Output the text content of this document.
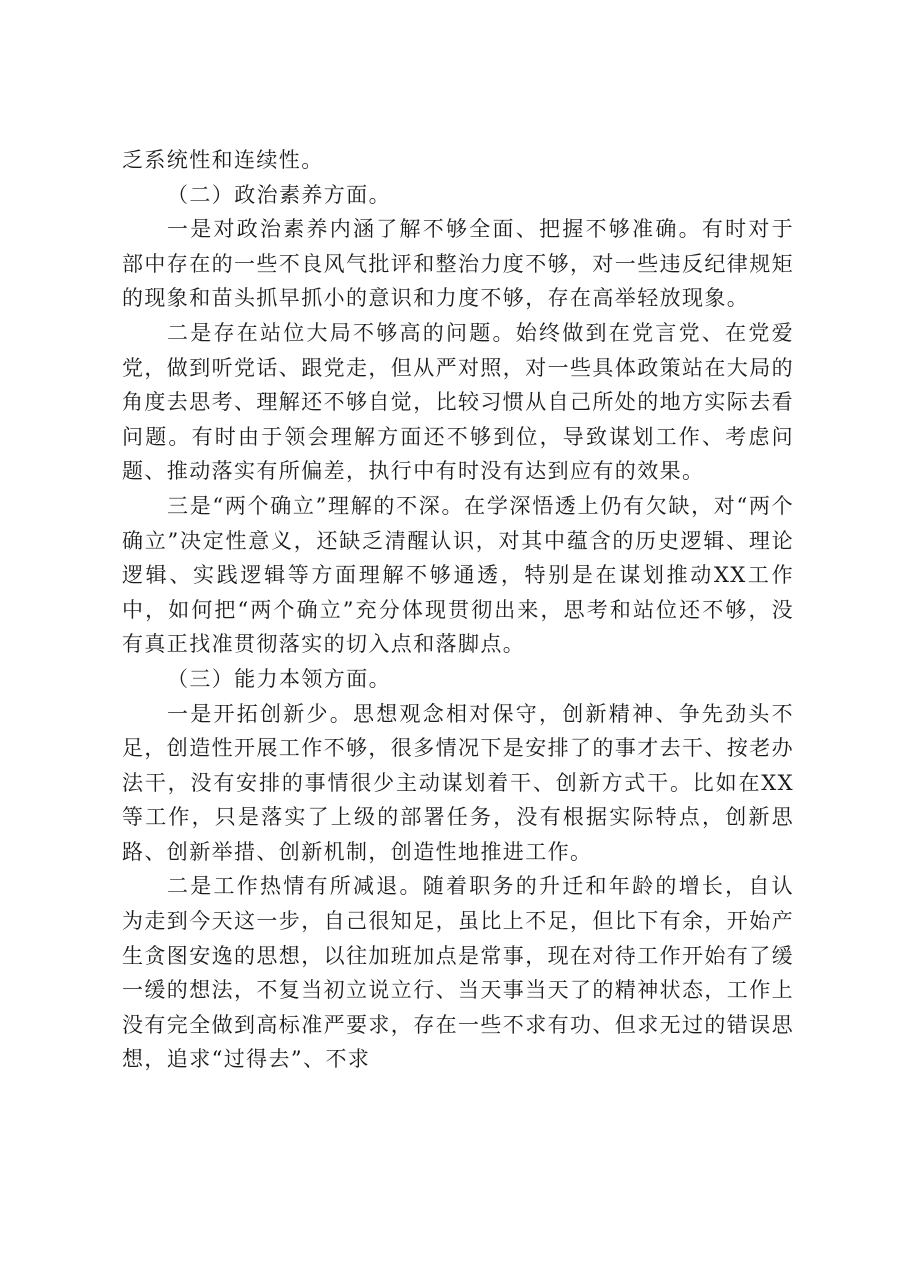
乏系统性和连续性。

（二）政治素养方面。

一是对政治素养内涵了解不够全面、把握不够准确。有时对于部中存在的一些不良风气批评和整治力度不够，对一些违反纪律规矩的现象和苗头抓早抓小的意识和力度不够，存在高举轻放现象。

二是存在站位大局不够高的问题。始终做到在党言党、在党爱党，做到听党话、跟党走，但从严对照，对一些具体政策站在大局的角度去思考、理解还不够自觉，比较习惯从自己所处的地方实际去看问题。有时由于领会理解方面还不够到位，导致谋划工作、考虑问题、推动落实有所偏差，执行中有时没有达到应有的效果。

三是“两个确立”理解的不深。在学深悟透上仍有欠缺，对“两个确立”决定性意义，还缺乏清醒认识，对其中蕴含的历史逻辑、理论逻辑、实践逻辑等方面理解不够通透，特别是在谋划推动XX工作中，如何把“两个确立”充分体现贯彻出来，思考和站位还不够，没有真正找准贯彻落实的切入点和落脚点。

（三）能力本领方面。

一是开拓创新少。思想观念相对保守，创新精神、争先劲头不足，创造性开展工作不够，很多情况下是安排了的事才去干、按老办法干，没有安排的事情很少主动谋划着干、创新方式干。比如在XX等工作，只是落实了上级的部署任务，没有根据实际特点，创新思路、创新举措、创新机制，创造性地推进工作。

二是工作热情有所减退。随着职务的升迁和年龄的增长，自认为走到今天这一步，自己很知足，虽比上不足，但比下有余，开始产生贪图安逸的思想，以往加班加点是常事，现在对待工作开始有了缓一缓的想法，不复当初立说立行、当天事当天了的精神状态，工作上没有完全做到高标准严要求，存在一些不求有功、但求无过的错误思想，追求“过得去”、不求
